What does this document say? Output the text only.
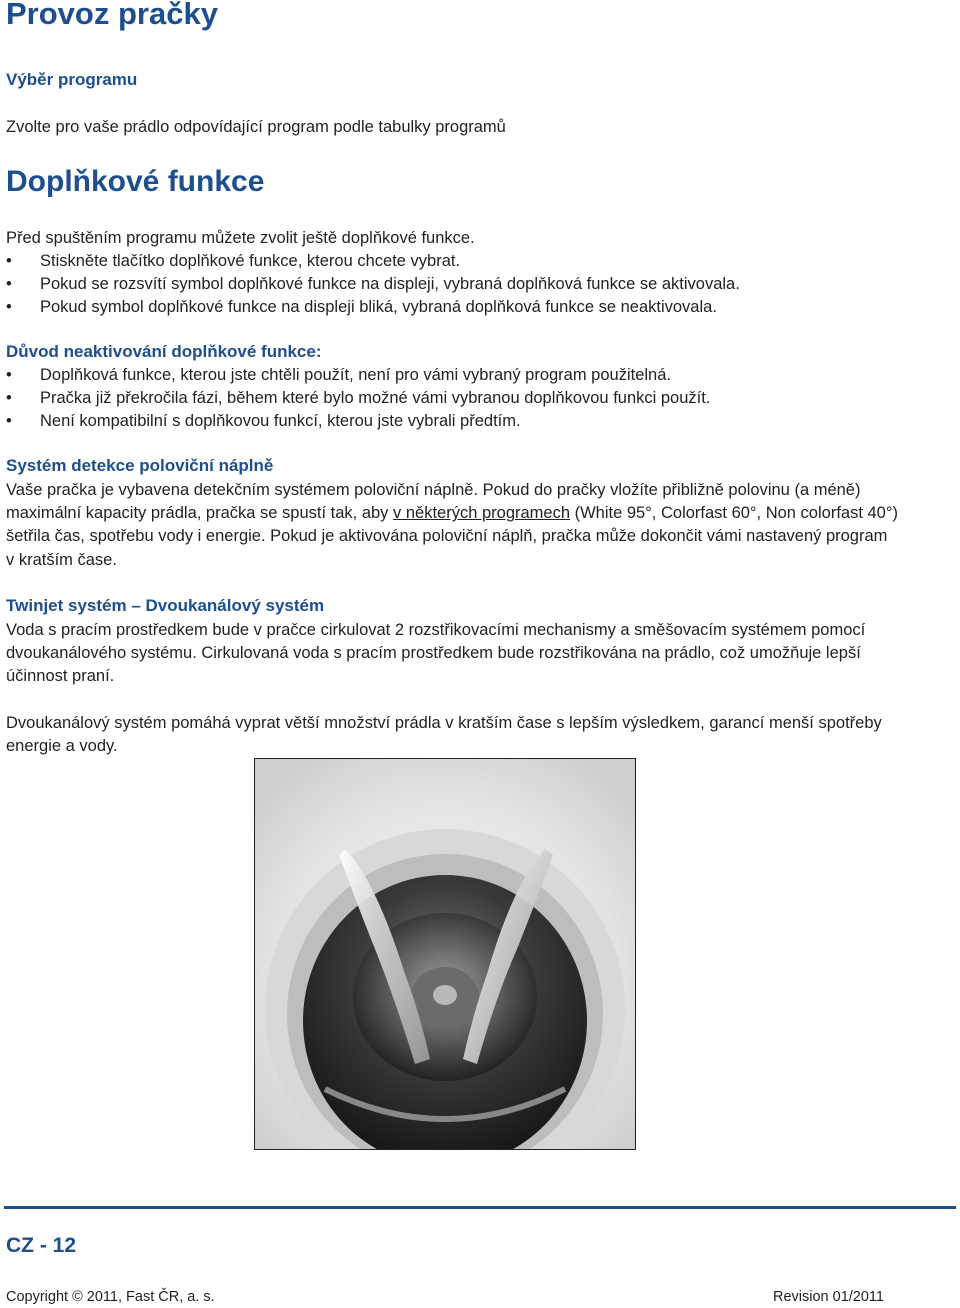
Provoz pračky
Výběr programu

Zvolte pro vaše prádlo odpovídající program podle tabulky programů

Doplňkové funkce

Před spuštěním programu můžete zvolit ještě doplňkové funkce.

• Stiskněte tlačítko doplňkové funkce, kterou chcete vybrat.
• Pokud se rozsvítí symbol doplňkové funkce na displeji, vybraná doplňková funkce se aktivovala.
• Pokud symbol doplňkové funkce na displeji bliká, vybraná doplňková funkce se neaktivovala.
Důvod neaktivování doplňkové funkce:
• Doplňková funkce, kterou jste chtěli použít, není pro vámi vybraný program použitelná.
• Pračka již překročila fázi, během které bylo možné vámi vybranou doplňkovou funkci použít.
• Není kompatibilní s doplňkovou funkcí, kterou jste vybrali předtím.
Systém detekce poloviční náplně

Vaše pračka je vybavena detekčním systémem poloviční náplně. Pokud do pračky vložíte přibližně polovinu (a méně) maximální kapacity prádla, pračka se spustí tak, aby v některých programech (White 95°, Colorfast 60°, Non colorfast 40°) šetřila čas, spotřebu vody i energie. Pokud je aktivována poloviční náplň, pračka může dokončit vámi nastavený program v kratším čase.

Twinjet systém – Dvoukanálový systém

Voda s pracím prostředkem bude v pračce cirkulovat 2 rozstřikovacími mechanismy a směšovacím systémem pomocí dvoukanálového systému. Cirkulovaná voda s pracím prostředkem bude rozstřikována na prádlo, což umožňuje lepší účinnost praní.

Dvoukanálový systém pomáhá vyprat větší množství prádla v kratším čase s lepším výsledkem, garancí menší spotřeby energie a vody.

CZ - 12
Copyright © 2011, Fast ČR, a. s.	Revision 01/2011
